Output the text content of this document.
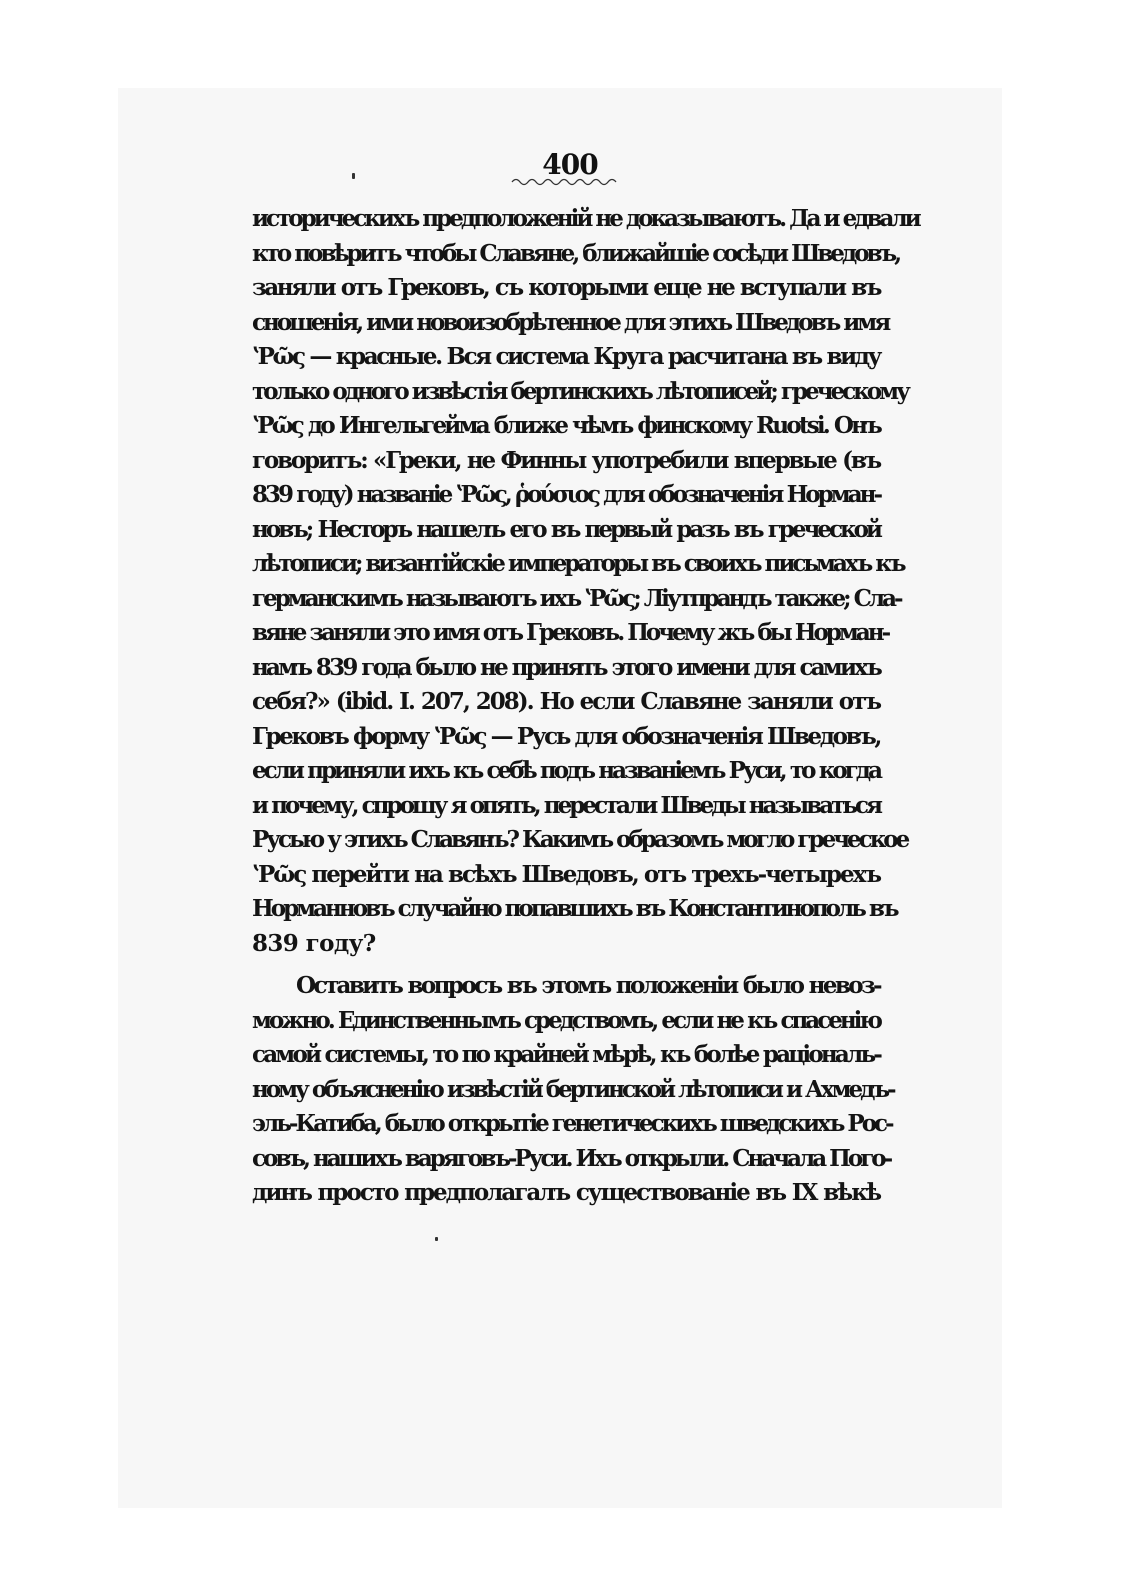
400
историческихъ предположеній не доказываютъ. Да и едвали
кто повѣритъ чтобы Славяне, ближайшіе сосѣди Шведовъ,
заняли отъ Грековъ, съ которыми еще не вступали въ
сношенія, ими новоизобрѣтенное для этихъ Шведовъ имя
ʽΡῶς — красные. Вся система Круга расчитана въ виду
только одного извѣстія бертинскихъ лѣтописей; греческому
ʽΡῶς до Ингельгейма ближе чѣмъ финскому Ruotsi. Онъ
говоритъ: «Греки, не Финны употребили впервые (въ
839 году) названіе ʽΡῶς, ῥούσιος для обозначенія Норман-
новъ; Несторъ нашелъ его въ первый разъ въ греческой
лѣтописи; византійскіе императоры въ своихъ письмахъ къ
германскимъ называютъ ихъ ʽΡῶς; Ліутпрандъ также; Сла-
вяне заняли это имя отъ Грековъ. Почему жъ бы Норман-
намъ 839 года было не принять этого имени для самихъ
себя?» (ibid. I. 207, 208). Но если Славяне заняли отъ
Грековъ форму ʽΡῶς — Русь для обозначенія Шведовъ,
если приняли ихъ къ себѣ подъ названіемъ Руси, то когда
и почему, спрошу я опять, перестали Шведы называться
Русью у этихъ Славянъ? Какимъ образомъ могло греческое
ʽΡῶς перейти на всѣхъ Шведовъ, отъ трехъ-четырехъ
Норманновъ случайно попавшихъ въ Константинополь въ
839 году?
Оставить вопросъ въ этомъ положеніи было невоз-
можно. Единственнымъ средствомъ, если не къ спасенію
самой системы, то по крайней мѣрѣ, къ болѣе раціональ-
ному объясненію извѣстій бертинской лѣтописи и Ахмедъ-
эль-Катиба, было открытіе генетическихъ шведскихъ Рос-
совъ, нашихъ варяговъ-Руси. Ихъ открыли. Сначала Пого-
динъ просто предполагалъ существованіе въ IX вѣкѣ
